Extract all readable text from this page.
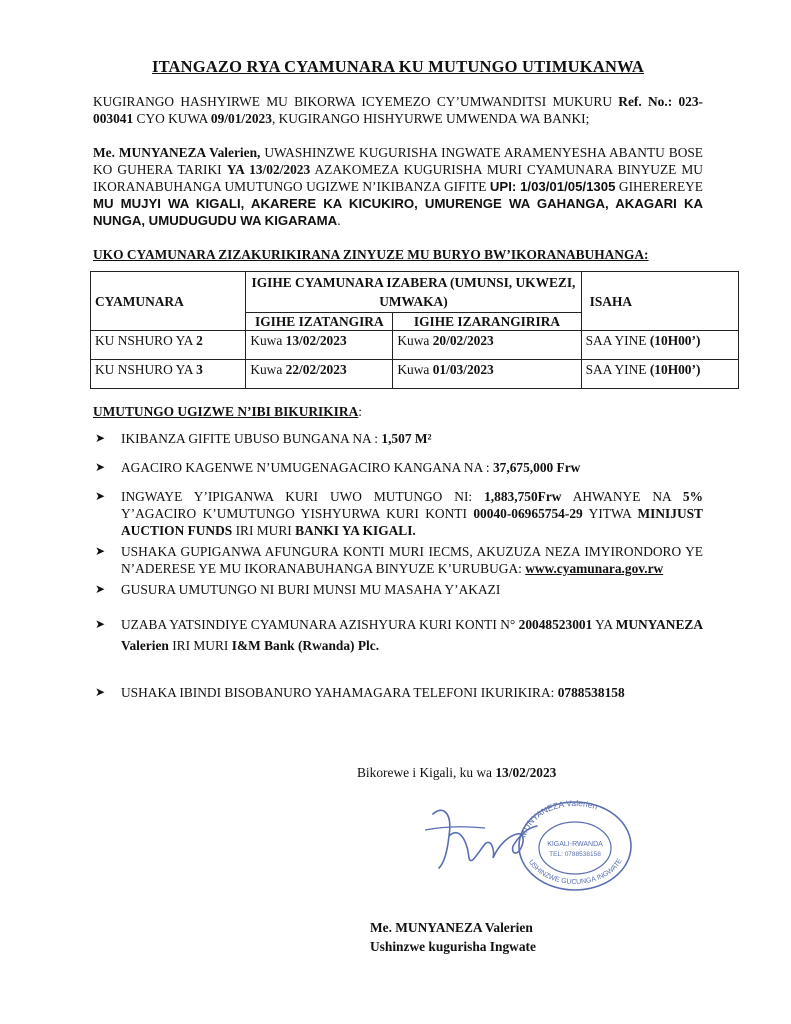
ITANGAZO RYA CYAMUNARA KU MUTUNGO UTIMUKANWA
KUGIRANGO HASHYIRWE MU BIKORWA ICYEMEZO CY’UMWANDITSI MUKURU Ref. No.: 023-003041 CYO KUWA 09/01/2023, KUGIRANGO HISHYURWE UMWENDA WA BANKI;
Me. MUNYANEZA Valerien, UWASHINZWE KUGURISHA INGWATE ARAMENYESHA ABANTU BOSE KO GUHERA TARIKI YA 13/02/2023 AZAKOMEZA KUGURISHA MURI CYAMUNARA BINYUZE MU IKORANABUHANGA UMUTUNGO UGIZWE N’IKIBANZA GIFITE UPI: 1/03/01/05/1305 GIHEREREYE MU MUJYI WA KIGALI, AKARERE KA KICUKIRO, UMURENGE WA GAHANGA, AKAGARI KA NUNGA, UMUDUGUDU WA KIGARAMA.
UKO CYAMUNARA ZIZAKURIKIRANA ZINYUZE MU BURYO BW’IKORANABUHANGA:
CYAMUNARA	IGIHE CYAMUNARA IZABERA (UMUNSI, UKWEZI, UMWAKA)		ISAHA
	IGIHE IZATANGIRA	IGIHE IZARANGIRIRA	
KU NSHURO YA 2	Kuwa 13/02/2023	Kuwa 20/02/2023	SAA YINE (10H00’)
KU NSHURO YA 3	Kuwa 22/02/2023	Kuwa 01/03/2023	SAA YINE (10H00’)
UMUTUNGO UGIZWE N’IBI BIKURIKIRA:
➤ IKIBANZA GIFITE UBUSO BUNGANA NA : 1,507 M²
➤ AGACIRO KAGENWE N’UMUGENAGACIRO KANGANA NA : 37,675,000 Frw
➤ INGWAYE Y’IPIGANWA KURI UWO MUTUNGO NI: 1,883,750Frw AHWANYE NA 5% Y’AGACIRO K’UMUTUNGO YISHYURWA KURI KONTI 00040-06965754-29 YITWA MINIJUST AUCTION FUNDS IRI MURI BANKI YA KIGALI.
➤ USHAKA GUPIGANWA AFUNGURA KONTI MURI IECMS, AKUZUZA NEZA IMYIRONDORO YE N’ADERESE YE MU IKORANABUHANGA BINYUZE K’URUBUGA: www.cyamunara.gov.rw
➤ GUSURA UMUTUNGO NI BURI MUNSI MU MASAHA Y’AKAZI
➤ UZABA YATSINDIYE CYAMUNARA AZISHYURA KURI KONTI N° 20048523001 YA MUNYANEZA Valerien IRI MURI I&M Bank (Rwanda) Plc.
➤ USHAKA IBINDI BISOBANURO YAHAMAGARA TELEFONI IKURIKIRA: 0788538158
Bikorewe i Kigali, ku wa 13/02/2023
MUNYANEZA Valerien
KIGALI-RWANDA
TEL: 0788538158
USHINZWE GUCUNGA INGWATE
Me. MUNYANEZA Valerien
Ushinzwe kugurisha Ingwate
